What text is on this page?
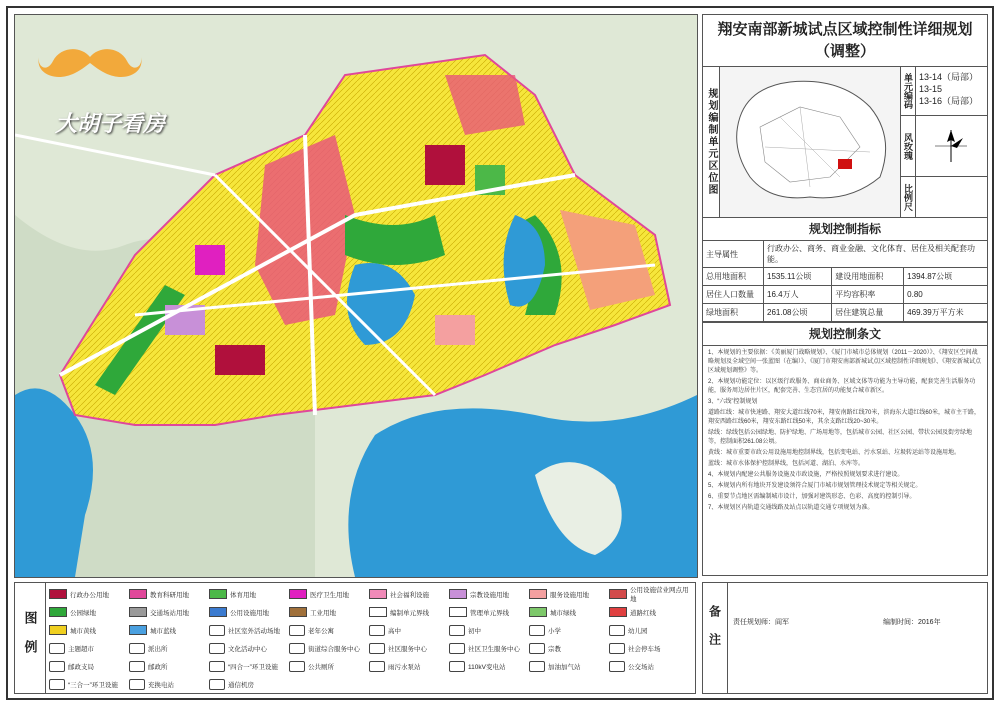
大胡子看房
翔安南部新城试点区域控制性详细规划
（调整）
规划编制单元区位图	单元编码 13-14（局部）
13-15
13-16（局部）
风玫瑰
比例尺
规划控制指标
主导属性	行政办公、商务、商业金融、文化体育、居住及相关配套功能。		
总用地面积	1535.11公顷	建设用地面积	1394.87公顷
居住人口数量	16.4万人	平均容积率	0.80
绿地面积	261.08公顷	居住建筑总量	469.39万平方米
规划控制条文

1、本规划的主要依据：《美丽厦门战略规划》、《厦门市城市总体规划（2011－2020）》、《翔安区空间战略规划及全域空间一张蓝图（在编）》、《厦门市翔安南部新城试点区域控制性详细规划》、《翔安新城试点区域规划调整》等。

2、本规划功能定位：以区级行政服务、商业商务、区域文体等功能为主导功能，配套完善生活服务功能，服务周边居住片区，配套完善、生态宜居的功能复合城市新区。

3、“六线”控制规划

道路红线：城市快速路、翔安大道红线70米，翔安南路红线70米，滨海东大道红线60米，城市主干路，翔安西路红线60米，翔安东路红线50米，其余支路红线20~30米。

绿线：绿线包括公园绿地、防护绿地、广场用地等，包括城市公园、社区公园、带状公园及街旁绿地等，控制面积261.08公顷。

黄线：城市重要市政公用设施用地控制界线，包括变电站、污水泵站、垃圾转运站等设施用地。

蓝线：城市水体保护控制界线，包括河道、湖泊、水库等。

4、本规划内配建公共服务设施及市政设施，严格按照规划要求进行建设。

5、本规划内所有地块开发建设须符合厦门市城市规划管理技术规定等相关规定。

6、重要节点地区需编制城市设计，加强对建筑形态、色彩、高度的控制引导。

7、本规划区内轨道交通线路及站点以轨道交通专项规划为准。

图例
行政办公用地	教育科研用地	体育用地	医疗卫生用地	社会福利设施	宗教设施用地	服务设施用地
公用设施营业网点用地
公园绿地	交通场站用地	公用设施用地	工业用地	编制单元界线	管理单元界线	城市绿线	道路红线
城市黄线	城市蓝线	社区室外活动场地	老年公寓	高中	初中	小学	幼儿园
主题超市	派出所	文化活动中心	街道综合服务中心	社区服务中心	社区卫生服务中心	宗教	社会停车场
邮政支局	邮政所	“四合一”环卫设施	公共厕所	雨污水泵站	110kV变电站	加油加气站	公交场站
“三合一”环卫设施	充换电站	通信机房
备注 责任规划师：阎军	编制时间：2016年
